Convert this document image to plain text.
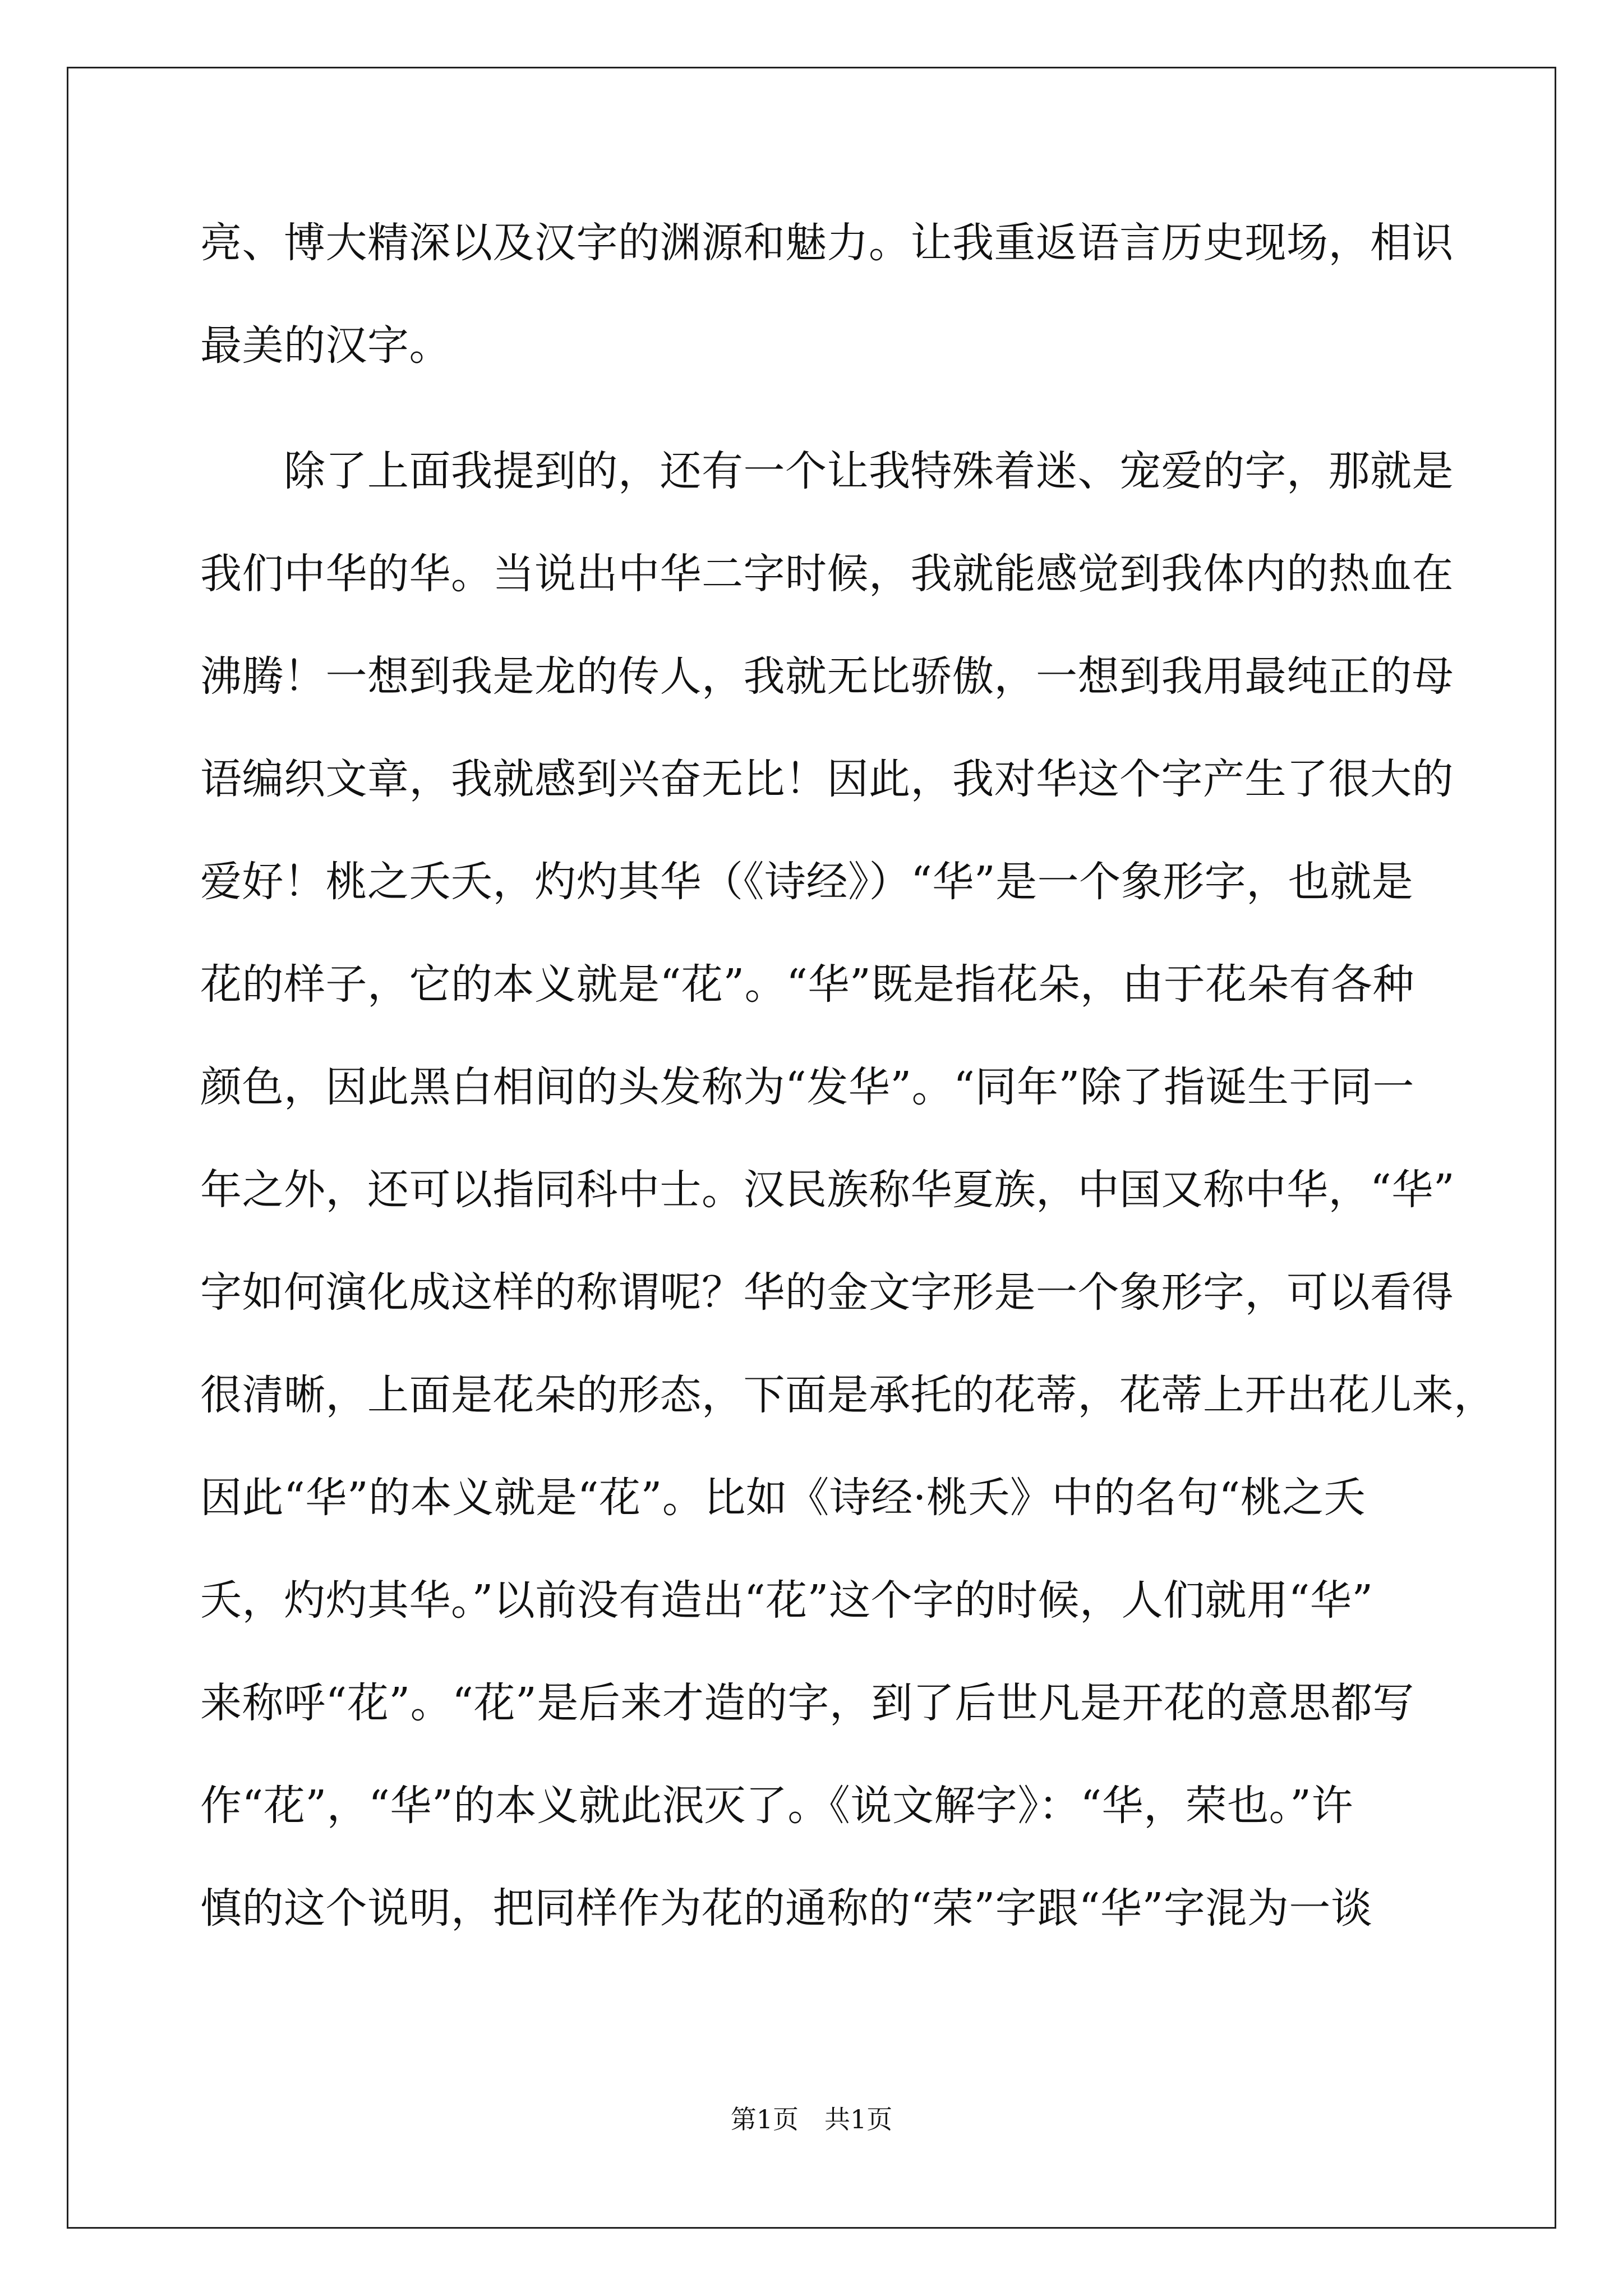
亮、博大精深以及汉字的渊源和魅力。让我重返语言历史现场，相识
最美的汉字。
　　除了上面我提到的，还有一个让我特殊着迷、宠爱的字，那就是
我们中华的华。当说出中华二字时候，我就能感觉到我体内的热血在
沸腾！一想到我是龙的传人，我就无比骄傲，一想到我用最纯正的母
语编织文章，我就感到兴奋无比！因此，我对华这个字产生了很大的
爱好！桃之夭夭，灼灼其华（《诗经》）“华”是一个象形字，也就是
花的样子，它的本义就是“花”。“华”既是指花朵，由于花朵有各种
颜色，因此黑白相间的头发称为“发华”。“同年”除了指诞生于同一
年之外，还可以指同科中士。汉民族称华夏族，中国又称中华，“华”
字如何演化成这样的称谓呢？华的金文字形是一个象形字，可以看得
很清晰，上面是花朵的形态，下面是承托的花蒂，花蒂上开出花儿来，
因此“华”的本义就是“花”。比如《诗经·桃夭》中的名句“桃之夭
夭，灼灼其华。”以前没有造出“花”这个字的时候，人们就用“华”
来称呼“花”。“花”是后来才造的字，到了后世凡是开花的意思都写
作“花”，“华”的本义就此泯灭了。《说文解字》：“华，荣也。”许
慎的这个说明，把同样作为花的通称的“荣”字跟“华”字混为一谈
第1页　共1页
